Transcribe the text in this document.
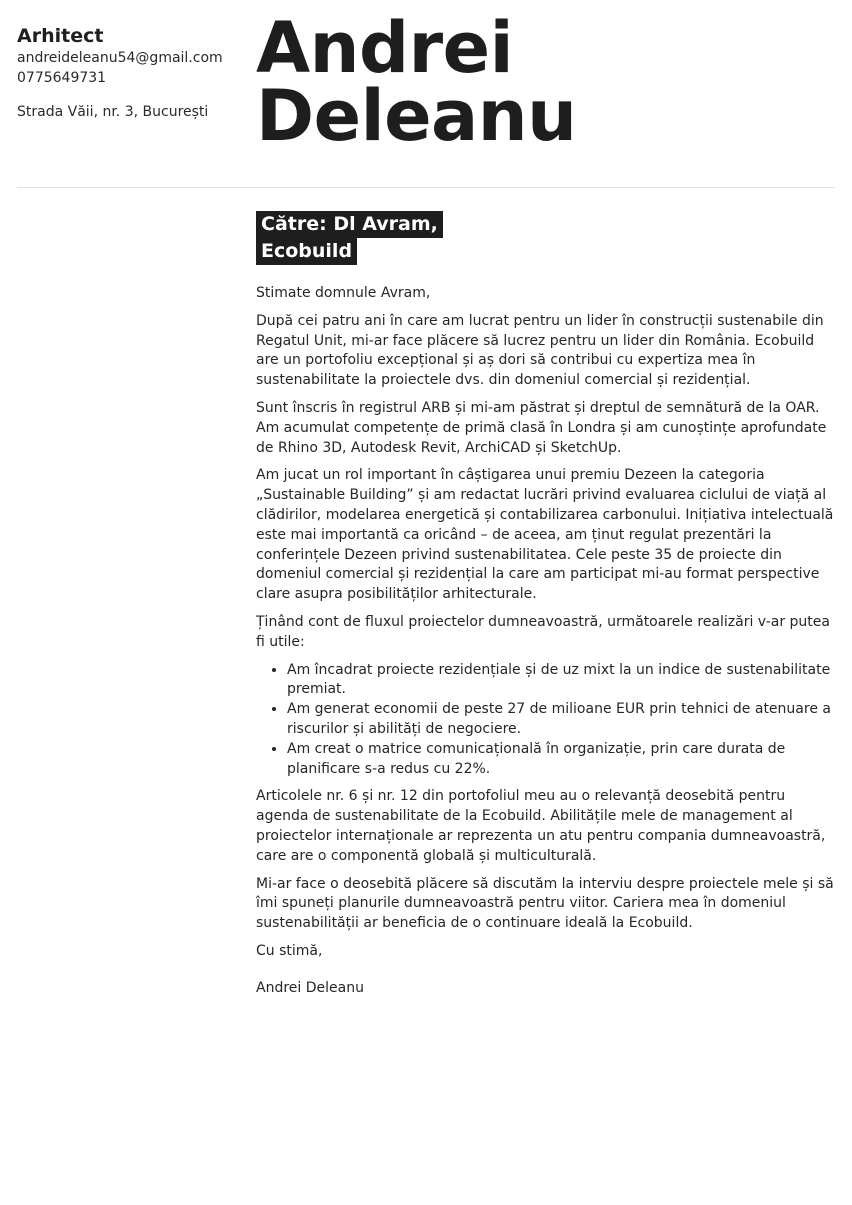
Arhitect
andreideleanu54@gmail.com
0775649731
Strada Văii, nr. 3, București
Andrei
Deleanu
Către: Dl Avram,
Ecobuild

Stimate domnule Avram,

După cei patru ani în care am lucrat pentru un lider în construcții sustenabile din Regatul Unit, mi-ar face plăcere să lucrez pentru un lider din România. Ecobuild are un portofoliu excepțional și aș dori să contribui cu expertiza mea în sustenabilitate la proiectele dvs. din domeniul comercial și rezidențial.

Sunt înscris în registrul ARB și mi-am păstrat și dreptul de semnătură de la OAR. Am acumulat competențe de primă clasă în Londra și am cunoștințe aprofundate de Rhino 3D, Autodesk Revit, ArchiCAD și SketchUp.

Am jucat un rol important în câștigarea unui premiu Dezeen la categoria „Sustainable Building” și am redactat lucrări privind evaluarea ciclului de viață al clădirilor, modelarea energetică și contabilizarea carbonului. Inițiativa intelectuală este mai importantă ca oricând – de aceea, am ținut regulat prezentări la conferințele Dezeen privind sustenabilitatea. Cele peste 35 de proiecte din domeniul comercial și rezidențial la care am participat mi-au format perspective clare asupra posibilităților arhitecturale.

Ținând cont de fluxul proiectelor dumneavoastră, următoarele realizări v-ar putea fi utile:

• Am încadrat proiecte rezidențiale și de uz mixt la un indice de sustenabilitate premiat.
• Am generat economii de peste 27 de milioane EUR prin tehnici de atenuare a riscurilor și abilități de negociere.
• Am creat o matrice comunicațională în organizație, prin care durata de planificare s-a redus cu 22%.

Articolele nr. 6 și nr. 12 din portofoliul meu au o relevanță deosebită pentru agenda de sustenabilitate de la Ecobuild. Abilitățile mele de management al proiectelor internaționale ar reprezenta un atu pentru compania dumneavoastră, care are o componentă globală și multiculturală.

Mi-ar face o deosebită plăcere să discutăm la interviu despre proiectele mele și să îmi spuneți planurile dumneavoastră pentru viitor. Cariera mea în domeniul sustenabilității ar beneficia de o continuare ideală la Ecobuild.

Cu stimă,

Andrei Deleanu
